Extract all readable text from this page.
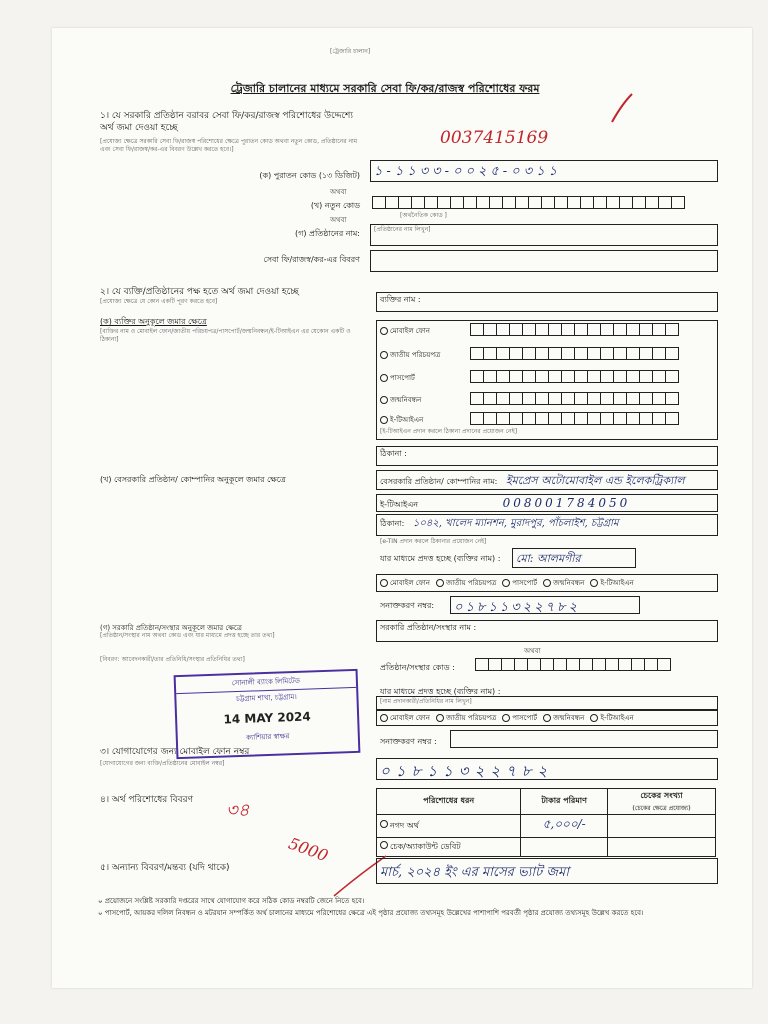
[ট্রেজারি চালান]
ট্রেজারি চালানের মাধ্যমে সরকারি সেবা ফি/কর/রাজস্ব পরিশোধের ফরম
0037415169
১। যে সরকারি প্রতিষ্ঠান বরাবর সেবা ফি/কর/রাজস্ব পরিশোধের উদ্দেশ্যে অর্থ জমা দেওয়া হচ্ছে
[প্রযোজ্য ক্ষেত্রে সরকারি সেবা ফি/রাজস্ব পরিশোধের ক্ষেত্রে পুরাতন কোড অথবা নতুন কোড, প্রতিষ্ঠানের নাম এবং সেবা ফি/রাজস্ব/কর-এর বিবরণ উল্লেখ করতে হবে।]
(ক) পুরাতন কোড (১৩ ডিজিট)	১-১১৩৩-০০২৫-০৩১১
অথবা
(খ) নতুন কোড
[অর্থনৈতিক কোড ]
অথবা
(গ) প্রতিষ্ঠানের নাম: [প্রতিষ্ঠানের নাম লিখুন]
সেবা ফি/রাজস্ব/কর-এর বিবরণ
২। যে ব্যক্তি/প্রতিষ্ঠানের পক্ষ হতে অর্থ জমা দেওয়া হচ্ছে
[প্রযোজ্য ক্ষেত্রে যে কোন একটি পূরণ করতে হবে]
(ক) ব্যক্তির অনুকূলে জমার ক্ষেত্রে
[ব্যক্তির নাম ও মোবাইল ফোন/জাতীয় পরিচয়পত্র/পাসপোর্ট/জন্মনিবন্ধন/ই-টিআইএন এর যেকোন একটি ও ঠিকানা]
ব্যক্তির নাম :
মোবাইল ফোন
জাতীয় পরিচয়পত্র
পাসপোর্ট
জন্মনিবন্ধন
ই-টিআইএন
[ই-টিআইএন প্রদান করলে ঠিকানা প্রদানের প্রয়োজন নেই]
ঠিকানা :
(খ) বেসরকারি প্রতিষ্ঠান/ কোম্পানির অনুকূলে জমার ক্ষেত্রে	বেসরকারি প্রতিষ্ঠান/ কোম্পানির নাম: ইমপ্রেস অটোমোবাইল এন্ড ইলেকট্রিক্যাল
ই-টিআইএন	008001784050
ঠিকানা: ১০৪২, খালেদ ম্যানশন, মুরাদপুর, পাঁচলাইশ, চট্টগ্রাম
[e-TIN প্রদান করলে ঠিকানার প্রয়োজন নেই]
যার মাধ্যমে প্রদত্ত হচ্ছে (ব্যক্তির নাম) :	মো: আলমগীর
মোবাইল ফোন জাতীয় পরিচয়পত্র পাসপোর্ট জন্মনিবন্ধন ই-টিআইএন
সনাক্তকরণ নম্বর:	০১৮১১৩২২৭৮২
(গ) সরকারি প্রতিষ্ঠান/সংস্থার অনুকূলে জমার ক্ষেত্রে
[প্রতিষ্ঠান/সংস্থার নাম অথবা কোড এবং যার মাধ্যমে প্রদত্ত হচ্ছে তার তথ্য]
[বিবরণ: আবেদনকারী/তার প্রতিনিধি/সংস্থার প্রতিনিধির তথ্য]
সরকারি প্রতিষ্ঠান/সংস্থার নাম :
অথবা
প্রতিষ্ঠান/সংস্থার কোড :
যার মাধ্যমে প্রদত্ত হচ্ছে (ব্যক্তির নাম) :
[নাম প্রদানকারী/প্রতিনিধির নাম লিখুন]
মোবাইল ফোন জাতীয় পরিচয়পত্র পাসপোর্ট জন্মনিবন্ধন ই-টিআইএন
সনাক্তকরণ নম্বর :
সোনালী ব্যাংক লিমিটেড
চট্টগ্রাম শাখা, চট্টগ্রাম।
14 MAY 2024
ক্যাশিয়ার স্বাক্ষর
৩। যোগাযোগের জন্য মোবাইল ফোন নম্বর
[যোগাযোগের জন্য ব্যক্তি/প্রতিষ্ঠানের মোবাইল নম্বর]	০১৮১১৩২২৭৮২
৪। অর্থ পরিশোধের বিবরণ ৩৪	পরিশোধের ধরন	টাকার পরিমাণ	চেকের সংখ্যা
(চেকের ক্ষেত্রে প্রযোজ্য)
নগদ অর্থ	৫,০০০/-	
চেক/অ্যাকাউন্ট ডেবিট		
৫। অন্যান্য বিবরণ/মন্তব্য (যদি থাকে)
5000
মার্চ, ২০২৪ ইং এর মাসের ভ্যাট জমা
০ প্রয়োজনে সংশ্লিষ্ট সরকারি দপ্তরের সাথে যোগাযোগ করে সঠিক কোড নম্বরটি জেনে নিতে হবে।
০ পাসপোর্ট, আয়কর দলিল নিবন্ধন ও মটরযান সম্পর্কিত অর্থ চালানের মাধ্যমে পরিশোধের ক্ষেত্রে এই পৃষ্ঠার প্রযোজ্য তথ্যসমূহ উল্লেখের পাশাপাশি পরবর্তী পৃষ্ঠার প্রযোজ্য তথ্যসমূহ উল্লেখ করতে হবে।
